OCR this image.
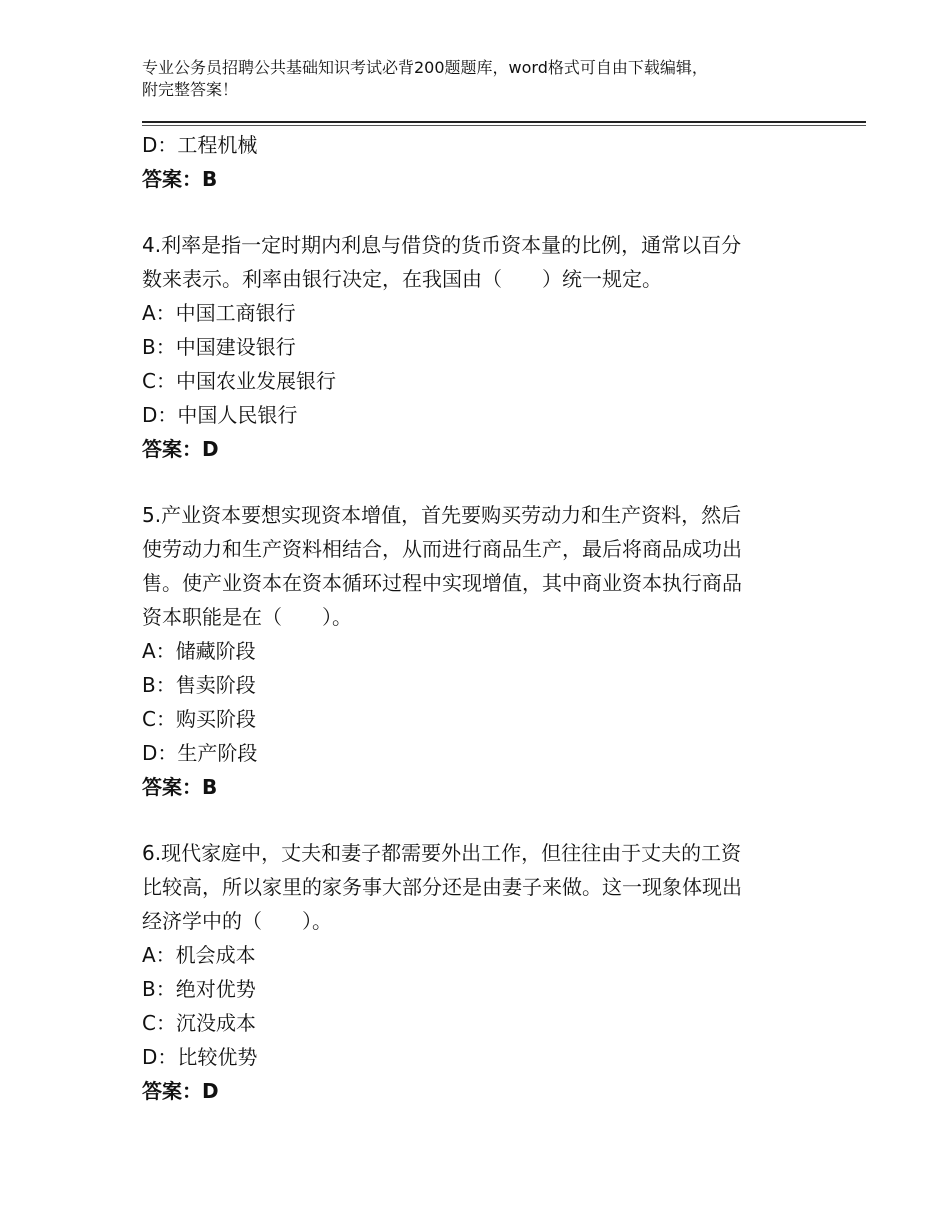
专业公务员招聘公共基础知识考试必背200题题库，word格式可自由下载编辑，
附完整答案！
D：工程机械
答案：B
4.利率是指一定时期内利息与借贷的货币资本量的比例，通常以百分
数来表示。利率由银行决定，在我国由（　　）统一规定。
A：中国工商银行
B：中国建设银行
C：中国农业发展银行
D：中国人民银行
答案：D
5.产业资本要想实现资本增值，首先要购买劳动力和生产资料，然后
使劳动力和生产资料相结合，从而进行商品生产，最后将商品成功出
售。使产业资本在资本循环过程中实现增值，其中商业资本执行商品
资本职能是在（　　）。
A：储藏阶段
B：售卖阶段
C：购买阶段
D：生产阶段
答案：B
6.现代家庭中，丈夫和妻子都需要外出工作，但往往由于丈夫的工资
比较高，所以家里的家务事大部分还是由妻子来做。这一现象体现出
经济学中的（　　）。
A：机会成本
B：绝对优势
C：沉没成本
D：比较优势
答案：D
